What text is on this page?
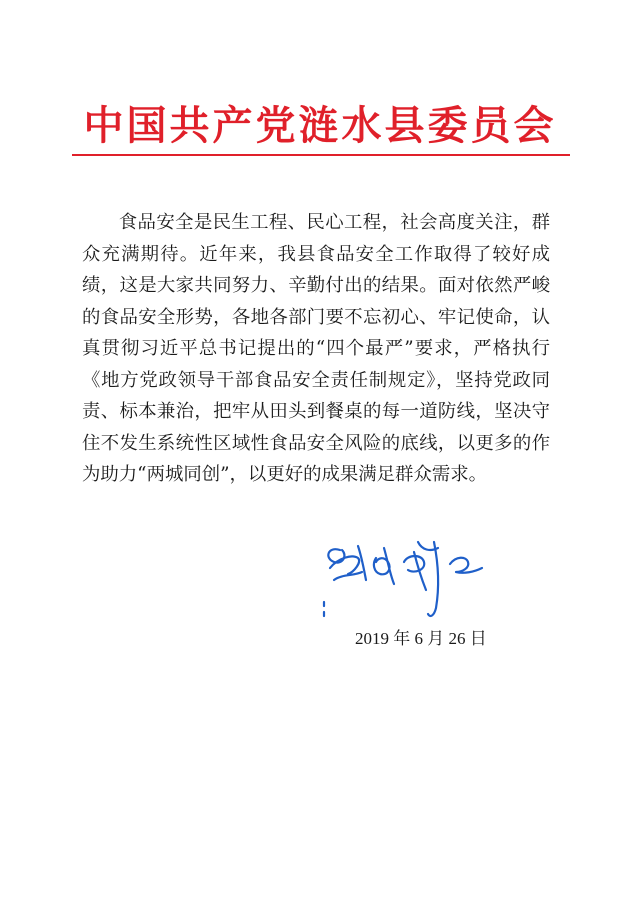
中国共产党涟水县委员会
食品安全是民生工程、民心工程，社会高度关注，群众充满期待。近年来，我县食品安全工作取得了较好成绩，这是大家共同努力、辛勤付出的结果。面对依然严峻的食品安全形势，各地各部门要不忘初心、牢记使命，认真贯彻习近平总书记提出的“四个最严”要求，严格执行《地方党政领导干部食品安全责任制规定》，坚持党政同责、标本兼治，把牢从田头到餐桌的每一道防线，坚决守住不发生系统性区域性食品安全风险的底线，以更多的作为助力“两城同创”，以更好的成果满足群众需求。
2019 年 6 月 26 日
